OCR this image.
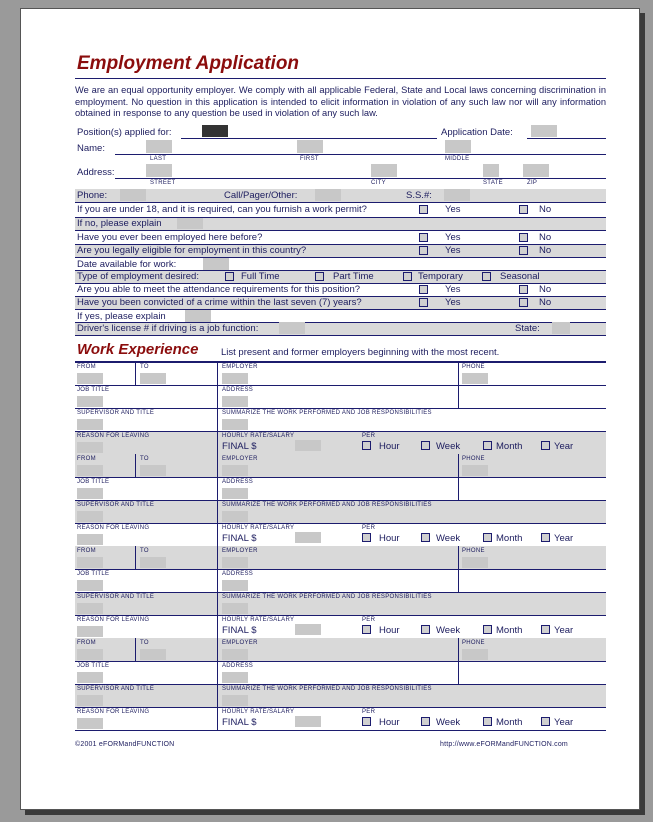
Employment Application
We are an equal opportunity employer. We comply with all applicable Federal, State and Local laws concerning discrimination in employment. No question in this application is intended to elicit information in violation of any such law nor will any information obtained in response to any question be used in violation of any such law.
Position(s) applied for:	Application Date:
Name:
LAST	FIRST	MIDDLE
Address:
STREET	CITY	STATE	ZIP
Phone:	Call/Pager/Other:	S.S.#:
If you are under 18, and it is required, can you furnish a work permit?	Yes	No
If no, please explain
Have you ever been employed here before?	Yes	No
Are you legally eligible for employment in this country?	Yes	No
Date available for work:
Type of employment desired:	Full Time	Part Time	Temporary	Seasonal
Are you able to meet the attendance requirements for this position?	Yes	No
Have you been convicted of a crime within the last seven (7) years?	Yes	No
If yes, please explain
Driver's license # if driving is a job function:	State:
Work Experience List present and former employers beginning with the most recent.
FROM	TO	EMPLOYER	PHONE
JOB TITLE	ADDRESS
SUPERVISOR AND TITLE	SUMMARIZE THE WORK PERFORMED AND JOB RESPONSIBILITIES
REASON FOR LEAVING	HOURLY RATE/SALARY	PER
FINAL $	Hour	Week	Month	Year
FROM	TO	EMPLOYER	PHONE
JOB TITLE	ADDRESS
SUPERVISOR AND TITLE	SUMMARIZE THE WORK PERFORMED AND JOB RESPONSIBILITIES
REASON FOR LEAVING	HOURLY RATE/SALARY	PER
FINAL $	Hour	Week	Month	Year
FROM	TO	EMPLOYER	PHONE
JOB TITLE	ADDRESS
SUPERVISOR AND TITLE	SUMMARIZE THE WORK PERFORMED AND JOB RESPONSIBILITIES
REASON FOR LEAVING	HOURLY RATE/SALARY	PER
FINAL $	Hour	Week	Month	Year
FROM	TO	EMPLOYER	PHONE
JOB TITLE	ADDRESS
SUPERVISOR AND TITLE	SUMMARIZE THE WORK PERFORMED AND JOB RESPONSIBILITIES
REASON FOR LEAVING	HOURLY RATE/SALARY	PER
FINAL $	Hour	Week	Month	Year
©2001 eFORMandFUNCTION	http://www.eFORMandFUNCTION.com
